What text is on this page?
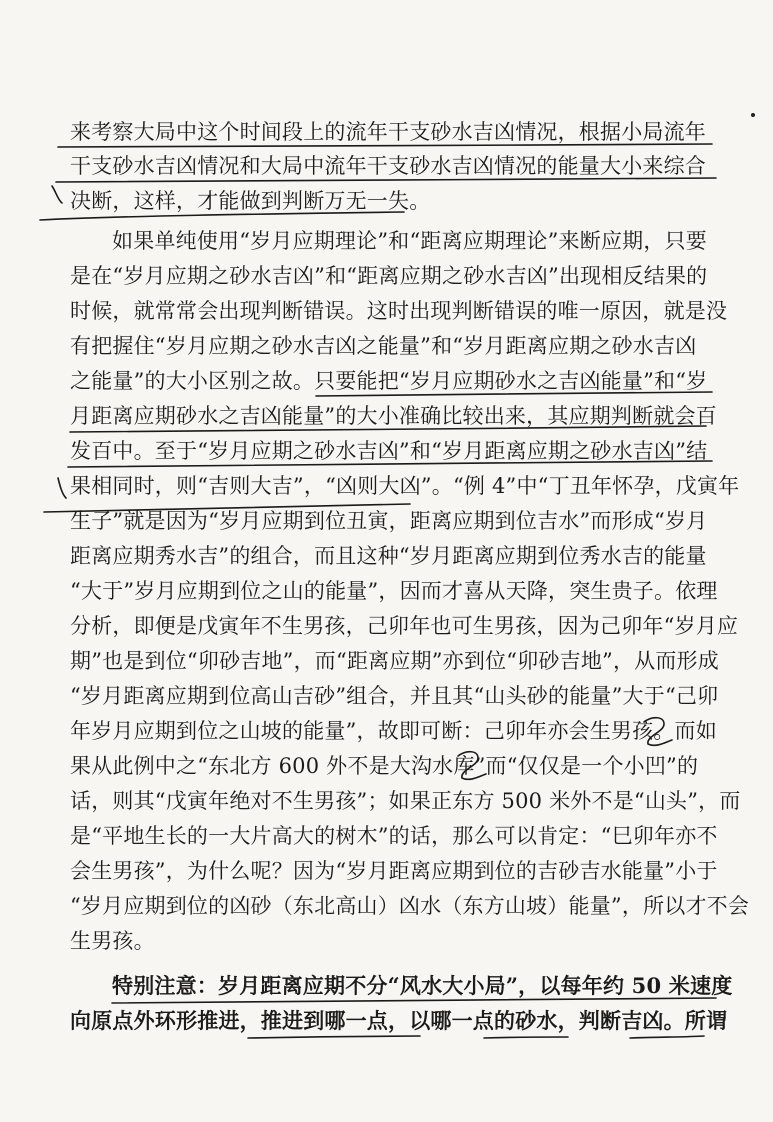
来考察大局中这个时间段上的流年干支砂水吉凶情况，根据小局流年
干支砂水吉凶情况和大局中流年干支砂水吉凶情况的能量大小来综合
决断，这样，才能做到判断万无一失。
如果单纯使用“岁月应期理论”和“距离应期理论”来断应期，只要
是在“岁月应期之砂水吉凶”和“距离应期之砂水吉凶”出现相反结果的
时候，就常常会出现判断错误。这时出现判断错误的唯一原因，就是没
有把握住“岁月应期之砂水吉凶之能量”和“岁月距离应期之砂水吉凶
之能量”的大小区别之故。只要能把“岁月应期砂水之吉凶能量”和“岁
月距离应期砂水之吉凶能量”的大小准确比较出来，其应期判断就会百
发百中。至于“岁月应期之砂水吉凶”和“岁月距离应期之砂水吉凶”结
果相同时，则“吉则大吉”，“凶则大凶”。“例 4”中“丁丑年怀孕，戊寅年
生子”就是因为“岁月应期到位丑寅，距离应期到位吉水”而形成“岁月
距离应期秀水吉”的组合，而且这种“岁月距离应期到位秀水吉的能量
“大于”岁月应期到位之山的能量”，因而才喜从天降，突生贵子。依理
分析，即便是戊寅年不生男孩，己卯年也可生男孩，因为己卯年“岁月应
期”也是到位“卯砂吉地”，而“距离应期”亦到位“卯砂吉地”，从而形成
“岁月距离应期到位高山吉砂”组合，并且其“山头砂的能量”大于“己卯
年岁月应期到位之山坡的能量”，故即可断：己卯年亦会生男孩。而如
果从此例中之“东北方 600 外不是大沟水库”而“仅仅是一个小凹”的
话，则其“戊寅年绝对不生男孩”；如果正东方 500 米外不是“山头”，而
是“平地生长的一大片高大的树木”的话，那么可以肯定：“巳卯年亦不
会生男孩”，为什么呢？因为“岁月距离应期到位的吉砂吉水能量”小于
“岁月应期到位的凶砂（东北高山）凶水（东方山坡）能量”，所以才不会
生男孩。
特别注意：岁月距离应期不分“风水大小局”，以每年约 50 米速度
向原点外环形推进，推进到哪一点，以哪一点的砂水，判断吉凶。所谓
